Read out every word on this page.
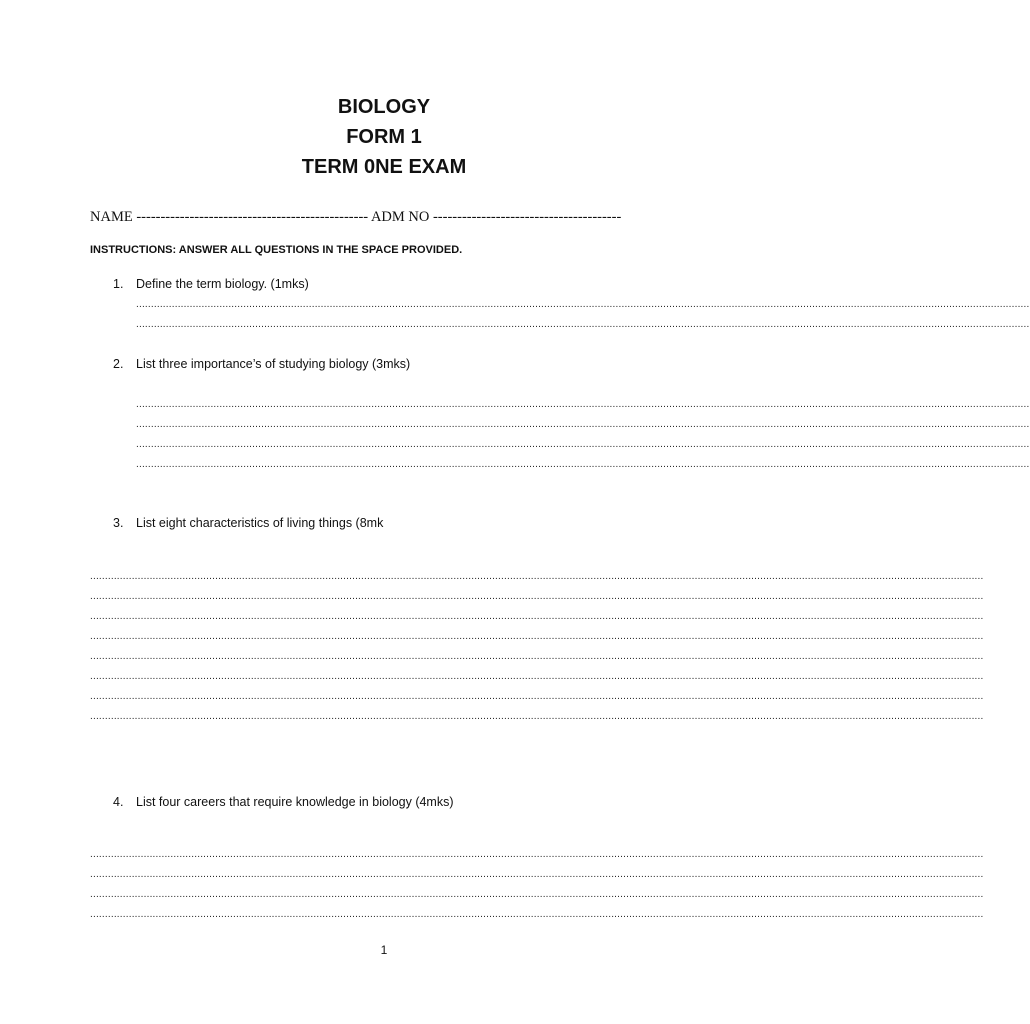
BIOLOGY
FORM 1
TERM 0NE EXAM
NAME ------------------------------------------------ ADM NO ---------------------------------------
INSTRUCTIONS: ANSWER ALL QUESTIONS IN THE SPACE PROVIDED.
1. Define the term biology. (1mks)
............................................................................................................................................................................................................................................................................................................
............................................................................................................................................................................................................................................................................................................
2. List three importance’s of studying biology (3mks)
............................................................................................................................................................................................................................................................................................................
............................................................................................................................................................................................................................................................................................................
............................................................................................................................................................................................................................................................................................................
............................................................................................................................................................................................................................................................................................................
3. List eight characteristics of living things (8mk
............................................................................................................................................................................................................................................................................................................
............................................................................................................................................................................................................................................................................................................
............................................................................................................................................................................................................................................................................................................
............................................................................................................................................................................................................................................................................................................
............................................................................................................................................................................................................................................................................................................
............................................................................................................................................................................................................................................................................................................
............................................................................................................................................................................................................................................................................................................
............................................................................................................................................................................................................................................................................................................
4. List four careers that require knowledge in biology (4mks)
............................................................................................................................................................................................................................................................................................................
............................................................................................................................................................................................................................................................................................................
............................................................................................................................................................................................................................................................................................................
............................................................................................................................................................................................................................................................................................................
1
